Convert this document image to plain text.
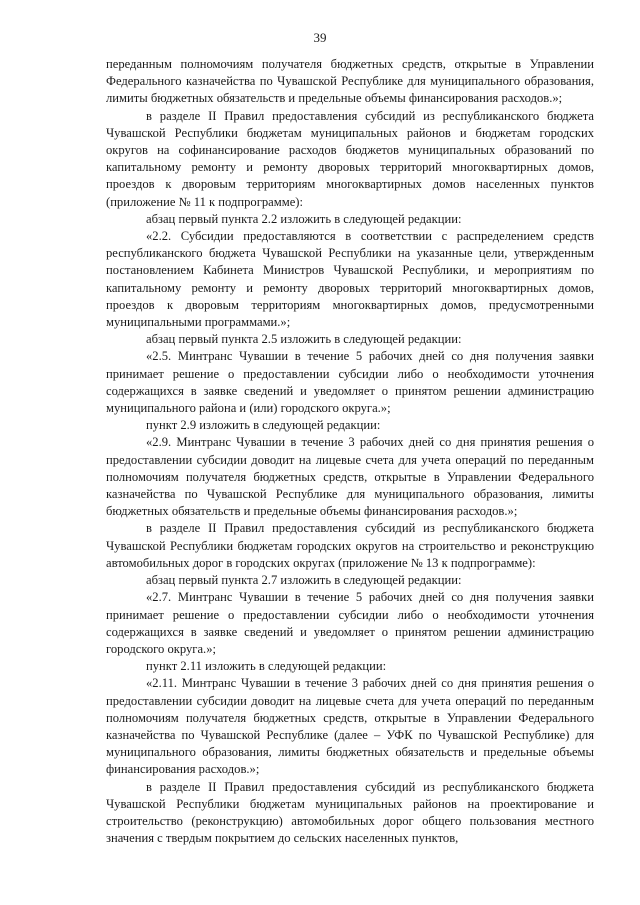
39

переданным полномочиям получателя бюджетных средств, открытые в Управлении Федерального казначейства по Чувашской Республике для муниципального образования, лимиты бюджетных обязательств и предельные объемы финансирования расходов.»;

в разделе II Правил предоставления субсидий из республиканского бюджета Чувашской Республики бюджетам муниципальных районов и бюджетам городских округов на софинансирование расходов бюджетов муниципальных образований по капитальному ремонту и ремонту дворовых территорий многоквартирных домов, проездов к дворовым территориям многоквартирных домов населенных пунктов (приложение № 11 к подпрограмме):

абзац первый пункта 2.2 изложить в следующей редакции:

«2.2. Субсидии предоставляются в соответствии с распределением средств республиканского бюджета Чувашской Республики на указанные цели, утвержденным постановлением Кабинета Министров Чувашской Республики, и мероприятиям по капитальному ремонту и ремонту дворовых территорий многоквартирных домов, проездов к дворовым территориям многоквартирных домов, предусмотренными муниципальными программами.»;

абзац первый пункта 2.5 изложить в следующей редакции:

«2.5. Минтранс Чувашии в течение 5 рабочих дней со дня получения заявки принимает решение о предоставлении субсидии либо о необходимости уточнения содержащихся в заявке сведений и уведомляет о принятом решении администрацию муниципального района и (или) городского округа.»;

пункт 2.9 изложить в следующей редакции:

«2.9. Минтранс Чувашии в течение 3 рабочих дней со дня принятия решения о предоставлении субсидии доводит на лицевые счета для учета операций по переданным полномочиям получателя бюджетных средств, открытые в Управлении Федерального казначейства по Чувашской Республике для муниципального образования, лимиты бюджетных обязательств и предельные объемы финансирования расходов.»;

в разделе II Правил предоставления субсидий из республиканского бюджета Чувашской Республики бюджетам городских округов на строительство и реконструкцию автомобильных дорог в городских округах (приложение № 13 к подпрограмме):

абзац первый пункта 2.7 изложить в следующей редакции:

«2.7. Минтранс Чувашии в течение 5 рабочих дней со дня получения заявки принимает решение о предоставлении субсидии либо о необходимости уточнения содержащихся в заявке сведений и уведомляет о принятом решении администрацию городского округа.»;

пункт 2.11 изложить в следующей редакции:

«2.11. Минтранс Чувашии в течение 3 рабочих дней со дня принятия решения о предоставлении субсидии доводит на лицевые счета для учета операций по переданным полномочиям получателя бюджетных средств, открытые в Управлении Федерального казначейства по Чувашской Республике (далее – УФК по Чувашской Республике) для муниципального образования, лимиты бюджетных обязательств и предельные объемы финансирования расходов.»;

в разделе II Правил предоставления субсидий из республиканского бюджета Чувашской Республики бюджетам муниципальных районов на проектирование и строительство (реконструкцию) автомобильных дорог общего пользования местного значения с твердым покрытием до сельских населенных пунктов,
